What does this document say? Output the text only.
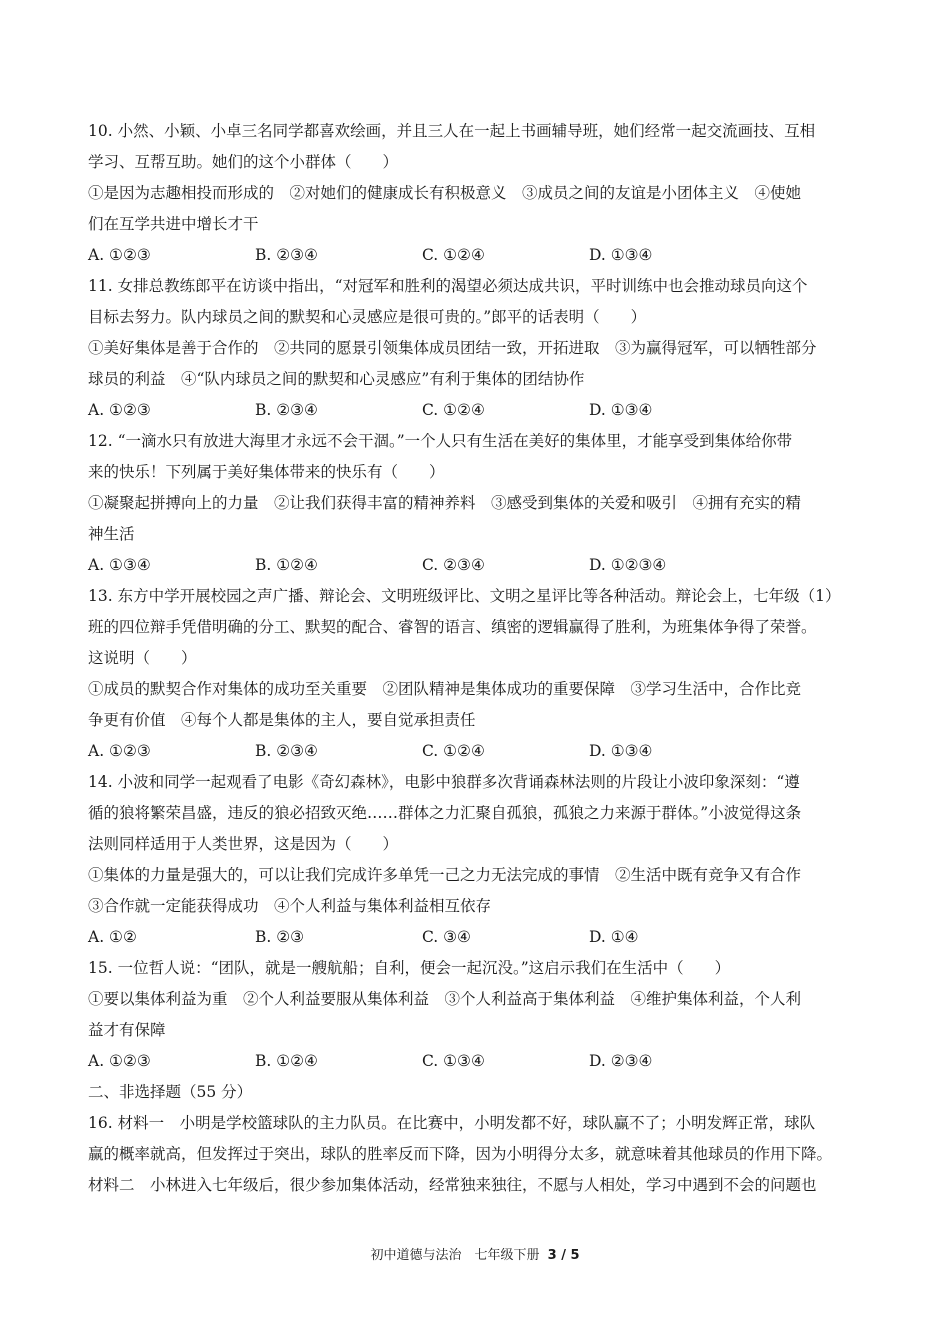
10. 小然、小颖、小卓三名同学都喜欢绘画，并且三人在一起上书画辅导班，她们经常一起交流画技、互相
学习、互帮互助。她们的这个小群体（　　）
①是因为志趣相投而形成的　②对她们的健康成长有积极意义　③成员之间的友谊是小团体主义　④使她
们在互学共进中增长才干
A. ①②③	B. ②③④	C. ①②④	D. ①③④
11. 女排总教练郎平在访谈中指出，“对冠军和胜利的渴望必须达成共识，平时训练中也会推动球员向这个
目标去努力。队内球员之间的默契和心灵感应是很可贵的。”郎平的话表明（　　）
①美好集体是善于合作的　②共同的愿景引领集体成员团结一致，开拓进取　③为赢得冠军，可以牺牲部分
球员的利益　④“队内球员之间的默契和心灵感应”有利于集体的团结协作
A. ①②③	B. ②③④	C. ①②④	D. ①③④
12. “一滴水只有放进大海里才永远不会干涸。”一个人只有生活在美好的集体里，才能享受到集体给你带
来的快乐！下列属于美好集体带来的快乐有（　　）
①凝聚起拼搏向上的力量　②让我们获得丰富的精神养料　③感受到集体的关爱和吸引　④拥有充实的精
神生活
A. ①③④	B. ①②④	C. ②③④	D. ①②③④
13. 东方中学开展校园之声广播、辩论会、文明班级评比、文明之星评比等各种活动。辩论会上，七年级（1）
班的四位辩手凭借明确的分工、默契的配合、睿智的语言、缜密的逻辑赢得了胜利，为班集体争得了荣誉。
这说明（　　）
①成员的默契合作对集体的成功至关重要　②团队精神是集体成功的重要保障　③学习生活中，合作比竞
争更有价值　④每个人都是集体的主人，要自觉承担责任
A. ①②③	B. ②③④	C. ①②④	D. ①③④
14. 小波和同学一起观看了电影《奇幻森林》，电影中狼群多次背诵森林法则的片段让小波印象深刻：“遵
循的狼将繁荣昌盛，违反的狼必招致灭绝……群体之力汇聚自孤狼，孤狼之力来源于群体。”小波觉得这条
法则同样适用于人类世界，这是因为（　　）
①集体的力量是强大的，可以让我们完成许多单凭一己之力无法完成的事情　②生活中既有竞争又有合作
③合作就一定能获得成功　④个人利益与集体利益相互依存
A. ①②	B. ②③	C. ③④	D. ①④
15. 一位哲人说：“团队，就是一艘航船；自利，便会一起沉没。”这启示我们在生活中（　　）
①要以集体利益为重　②个人利益要服从集体利益　③个人利益高于集体利益　④维护集体利益，个人利
益才有保障
A. ①②③	B. ①②④	C. ①③④	D. ②③④
二、非选择题（55 分）
16. 材料一　小明是学校篮球队的主力队员。在比赛中，小明发都不好，球队赢不了；小明发辉正常，球队
赢的概率就高，但发挥过于突出，球队的胜率反而下降，因为小明得分太多，就意味着其他球员的作用下降。
材料二　小林进入七年级后，很少参加集体活动，经常独来独往，不愿与人相处，学习中遇到不会的问题也
初中道德与法治　七年级下册 3 / 5
